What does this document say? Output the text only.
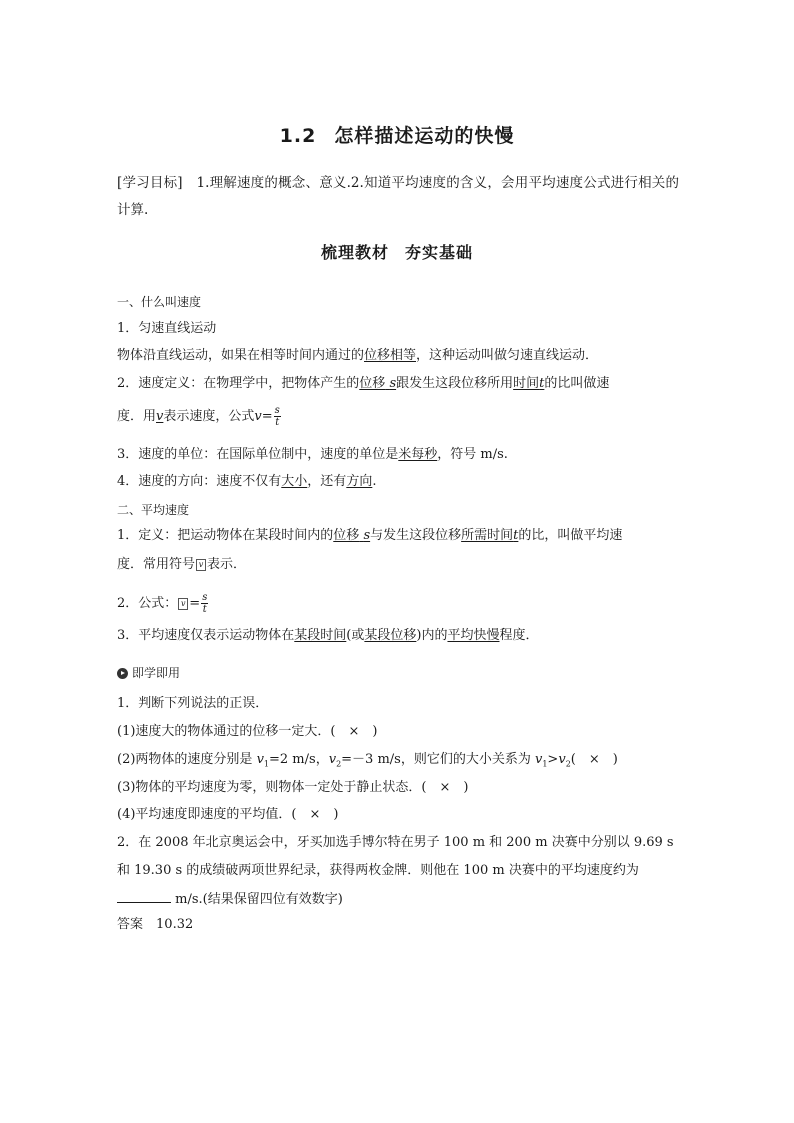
1.2 怎样描述运动的快慢
[学习目标]　 1.理解速度的概念、意义.2.知道平均速度的含义，会用平均速度公式进行相关的计算.
梳理教材 夯实基础
一、什么叫速度
1．匀速直线运动
物体沿直线运动，如果在相等时间内通过的位移相等，这种运动叫做匀速直线运动．
2．速度定义：在物理学中，把物体产生的位移 s跟发生这段位移所用时间t的比叫做速
度．用v表示速度，公式$v= \frac{s}{t}$
3．速度的单位：在国际单位制中，速度的单位是米每秒，符号 m/s.
4．速度的方向：速度不仅有大小，还有方向.
二、平均速度
1．定义：把运动物体在某段时间内的位移 s与发生这段位移所需时间t的比，叫做平均速
度．常用符号 v 表示．
2．公式： $v = \frac{s}{t}$
3．平均速度仅表示运动物体在某段时间(或某段位移)内的平均快慢程度．
即学即用
1．判断下列说法的正误．
(1)速度大的物体通过的位移一定大．(　×　)
(2)两物体的速度分别是 $v_1=2$ m/s，$v_2=-3$ m/s，则它们的大小关系为 $v_1>v_2$(　×　)
(3)物体的平均速度为零，则物体一定处于静止状态．(　×　)
(4)平均速度即速度的平均值．(　×　)
2．在 2008 年北京奥运会中，牙买加选手博尔特在男子 100 m 和 200 m 决赛中分别以 9.69 s
和 19.30 s 的成绩破两项世界纪录，获得两枚金牌．则他在 100 m 决赛中的平均速度约为
m/s.(结果保留四位有效数字)
答案　 10.32
